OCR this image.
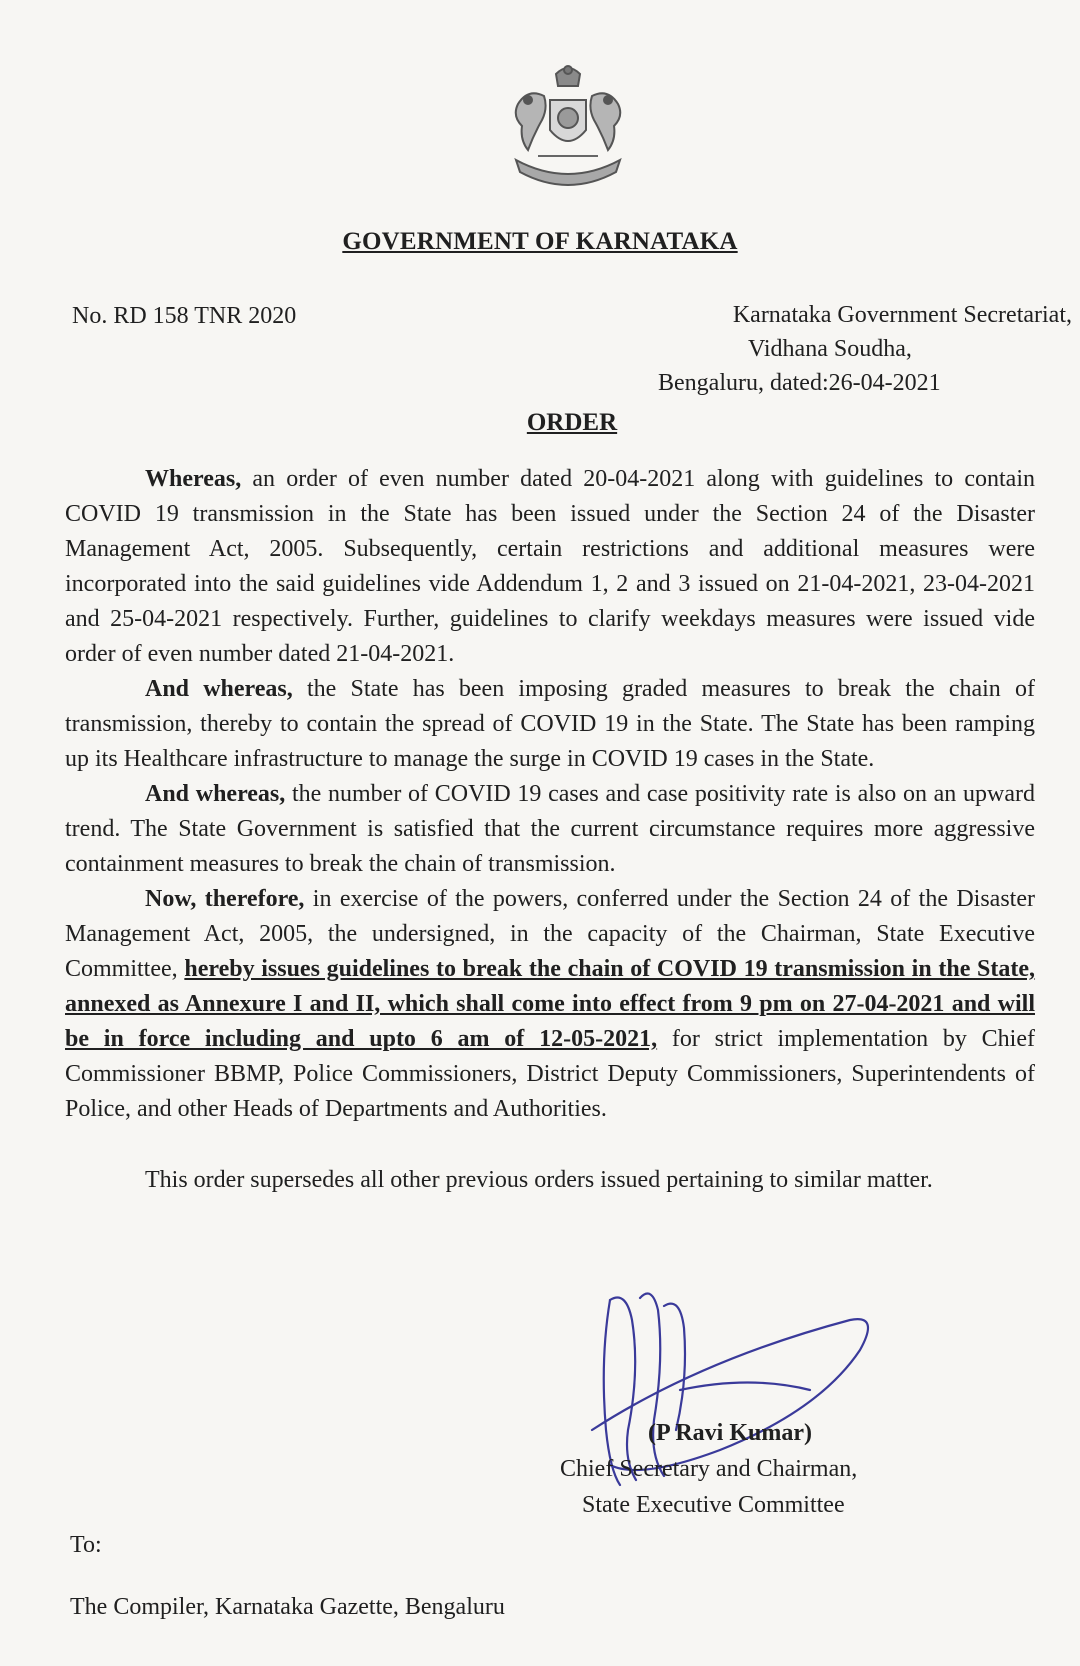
GOVERNMENT OF KARNATAKA
No. RD 158 TNR 2020	Karnataka Government Secretariat,
Vidhana Soudha,
Bengaluru, dated:26-04-2021
ORDER

Whereas, an order of even number dated 20-04-2021 along with guidelines to contain COVID 19 transmission in the State has been issued under the Section 24 of the Disaster Management Act, 2005. Subsequently, certain restrictions and additional measures were incorporated into the said guidelines vide Addendum 1, 2 and 3 issued on 21-04-2021, 23-04-2021 and 25-04-2021 respectively. Further, guidelines to clarify weekdays measures were issued vide order of even number dated 21-04-2021.

And whereas, the State has been imposing graded measures to break the chain of transmission, thereby to contain the spread of COVID 19 in the State. The State has been ramping up its Healthcare infrastructure to manage the surge in COVID 19 cases in the State.

And whereas, the number of COVID 19 cases and case positivity rate is also on an upward trend. The State Government is satisfied that the current circumstance requires more aggressive containment measures to break the chain of transmission.

Now, therefore, in exercise of the powers, conferred under the Section 24 of the Disaster Management Act, 2005, the undersigned, in the capacity of the Chairman, State Executive Committee, hereby issues guidelines to break the chain of COVID 19 transmission in the State, annexed as Annexure I and II, which shall come into effect from 9 pm on 27-04-2021 and will be in force including and upto 6 am of 12-05-2021, for strict implementation by Chief Commissioner BBMP, Police Commissioners, District Deputy Commissioners, Superintendents of Police, and other Heads of Departments and Authorities.

This order supersedes all other previous orders issued pertaining to similar matter.

(P Ravi Kumar)
Chief Secretary and Chairman,
State Executive Committee
To:
The Compiler, Karnataka Gazette, Bengaluru
